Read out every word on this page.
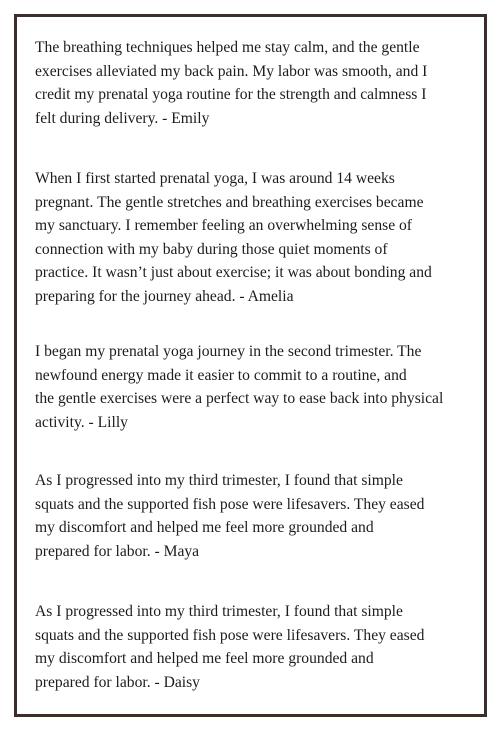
The breathing techniques helped me stay calm, and the gentle
exercises alleviated my back pain. My labor was smooth, and I
credit my prenatal yoga routine for the strength and calmness I
felt during delivery. - Emily

When I first started prenatal yoga, I was around 14 weeks
pregnant. The gentle stretches and breathing exercises became
my sanctuary. I remember feeling an overwhelming sense of
connection with my baby during those quiet moments of
practice. It wasn’t just about exercise; it was about bonding and
preparing for the journey ahead. - Amelia

I began my prenatal yoga journey in the second trimester. The
newfound energy made it easier to commit to a routine, and
the gentle exercises were a perfect way to ease back into physical
activity. - Lilly

As I progressed into my third trimester, I found that simple
squats and the supported fish pose were lifesavers. They eased
my discomfort and helped me feel more grounded and
prepared for labor. - Maya

As I progressed into my third trimester, I found that simple
squats and the supported fish pose were lifesavers. They eased
my discomfort and helped me feel more grounded and
prepared for labor. - Daisy
